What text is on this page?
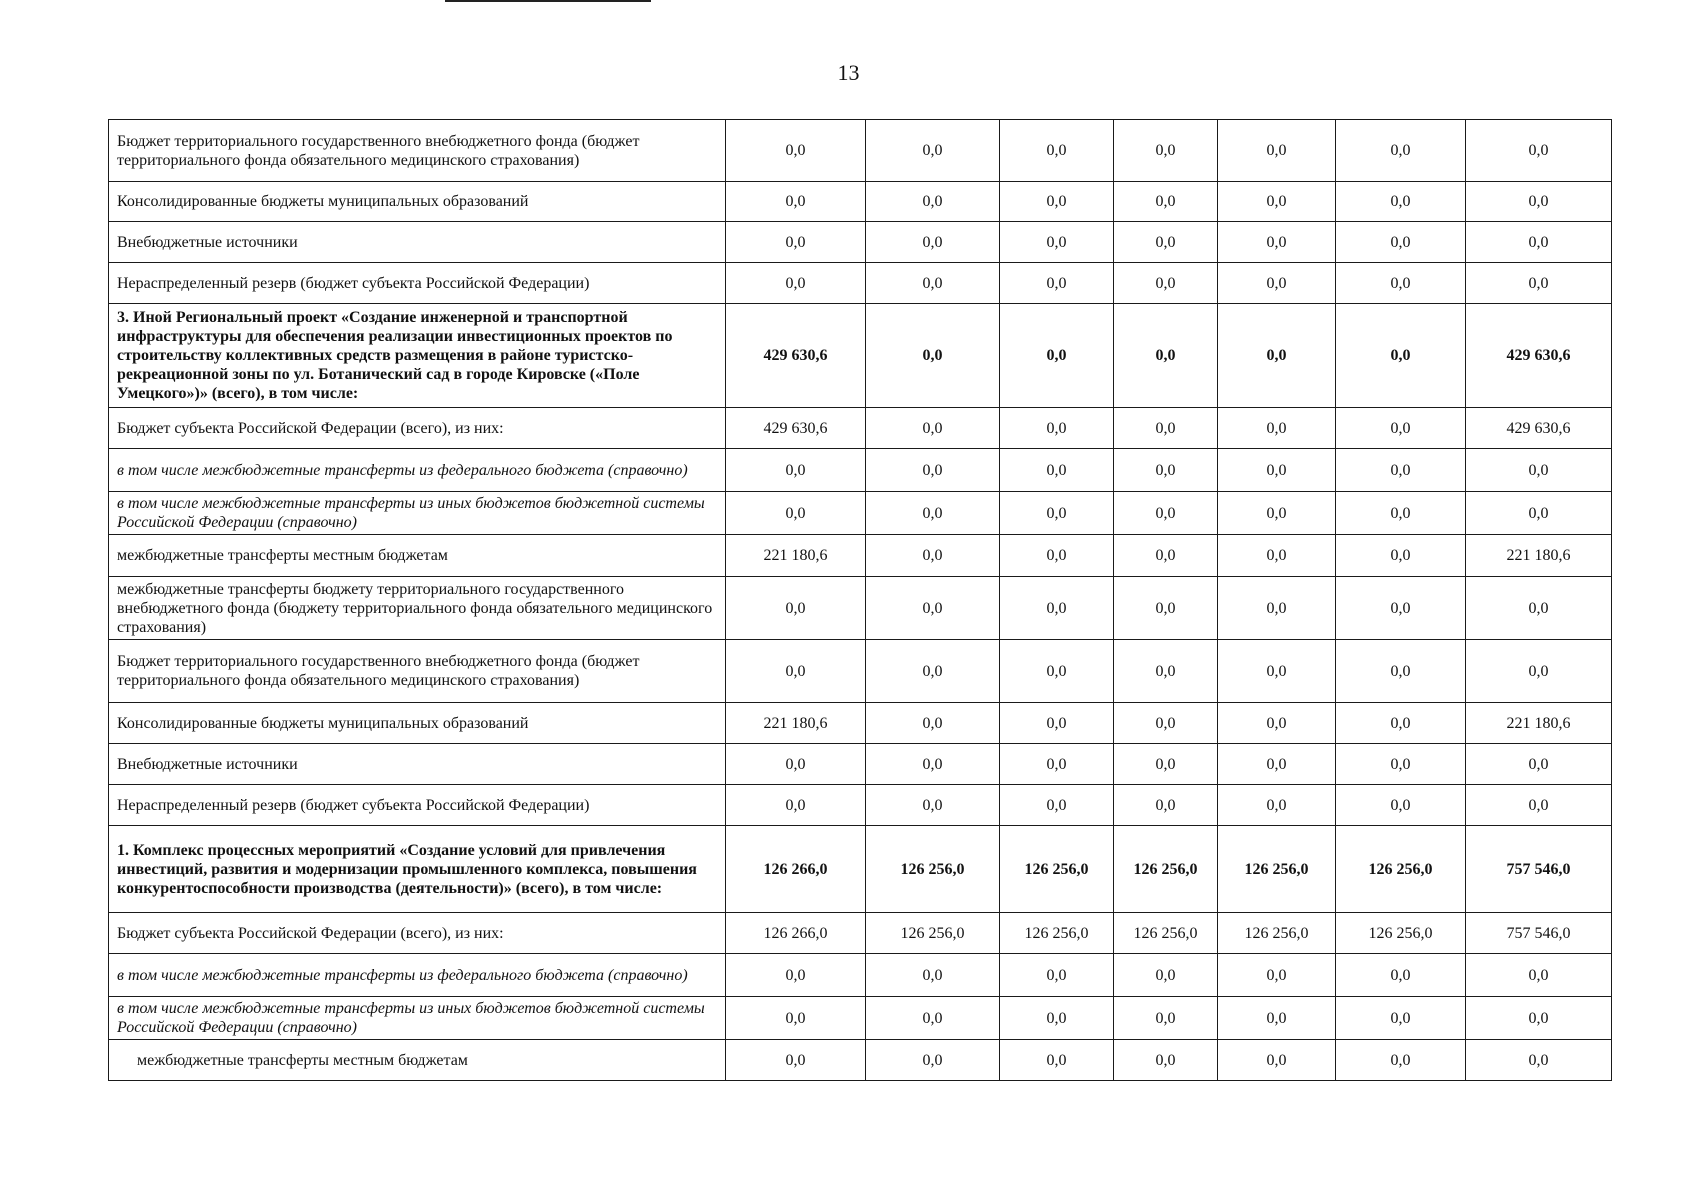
13
Бюджет территориального государственного внебюджетного фонда (бюджет территориального фонда обязательного медицинского страхования)	0,0	0,0	0,0	0,0	0,0	0,0	0,0
Консолидированные бюджеты муниципальных образований	0,0	0,0	0,0	0,0	0,0	0,0	0,0
Внебюджетные источники	0,0	0,0	0,0	0,0	0,0	0,0	0,0
Нераспределенный резерв (бюджет субъекта Российской Федерации)	0,0	0,0	0,0	0,0	0,0	0,0	0,0
3. Иной Региональный проект «Создание инженерной и транспортной инфраструктуры для обеспечения реализации инвестиционных проектов по строительству коллективных средств размещения в районе туристско-рекреационной зоны по ул. Ботанический сад в городе Кировске («Поле Умецкого»)» (всего), в том числе:	429 630,6	0,0	0,0	0,0	0,0	0,0	429 630,6
Бюджет субъекта Российской Федерации (всего), из них:	429 630,6	0,0	0,0	0,0	0,0	0,0	429 630,6
в том числе межбюджетные трансферты из федерального бюджета (справочно)	0,0	0,0	0,0	0,0	0,0	0,0	0,0
в том числе межбюджетные трансферты из иных бюджетов бюджетной системы Российской Федерации (справочно)	0,0	0,0	0,0	0,0	0,0	0,0	0,0
межбюджетные трансферты местным бюджетам	221 180,6	0,0	0,0	0,0	0,0	0,0	221 180,6
межбюджетные трансферты бюджету территориального государственного внебюджетного фонда (бюджету территориального фонда обязательного медицинского страхования)	0,0	0,0	0,0	0,0	0,0	0,0	0,0
Бюджет территориального государственного внебюджетного фонда (бюджет территориального фонда обязательного медицинского страхования)	0,0	0,0	0,0	0,0	0,0	0,0	0,0
Консолидированные бюджеты муниципальных образований	221 180,6	0,0	0,0	0,0	0,0	0,0	221 180,6
Внебюджетные источники	0,0	0,0	0,0	0,0	0,0	0,0	0,0
Нераспределенный резерв (бюджет субъекта Российской Федерации)	0,0	0,0	0,0	0,0	0,0	0,0	0,0
1. Комплекс процессных мероприятий «Создание условий для привлечения инвестиций, развития и модернизации промышленного комплекса, повышения конкурентоспособности производства (деятельности)» (всего), в том числе:	126 266,0	126 256,0	126 256,0	126 256,0	126 256,0	126 256,0	757 546,0
Бюджет субъекта Российской Федерации (всего), из них:	126 266,0	126 256,0	126 256,0	126 256,0	126 256,0	126 256,0	757 546,0
в том числе межбюджетные трансферты из федерального бюджета (справочно)	0,0	0,0	0,0	0,0	0,0	0,0	0,0
в том числе межбюджетные трансферты из иных бюджетов бюджетной системы Российской Федерации (справочно)	0,0	0,0	0,0	0,0	0,0	0,0	0,0
межбюджетные трансферты местным бюджетам	0,0	0,0	0,0	0,0	0,0	0,0	0,0
